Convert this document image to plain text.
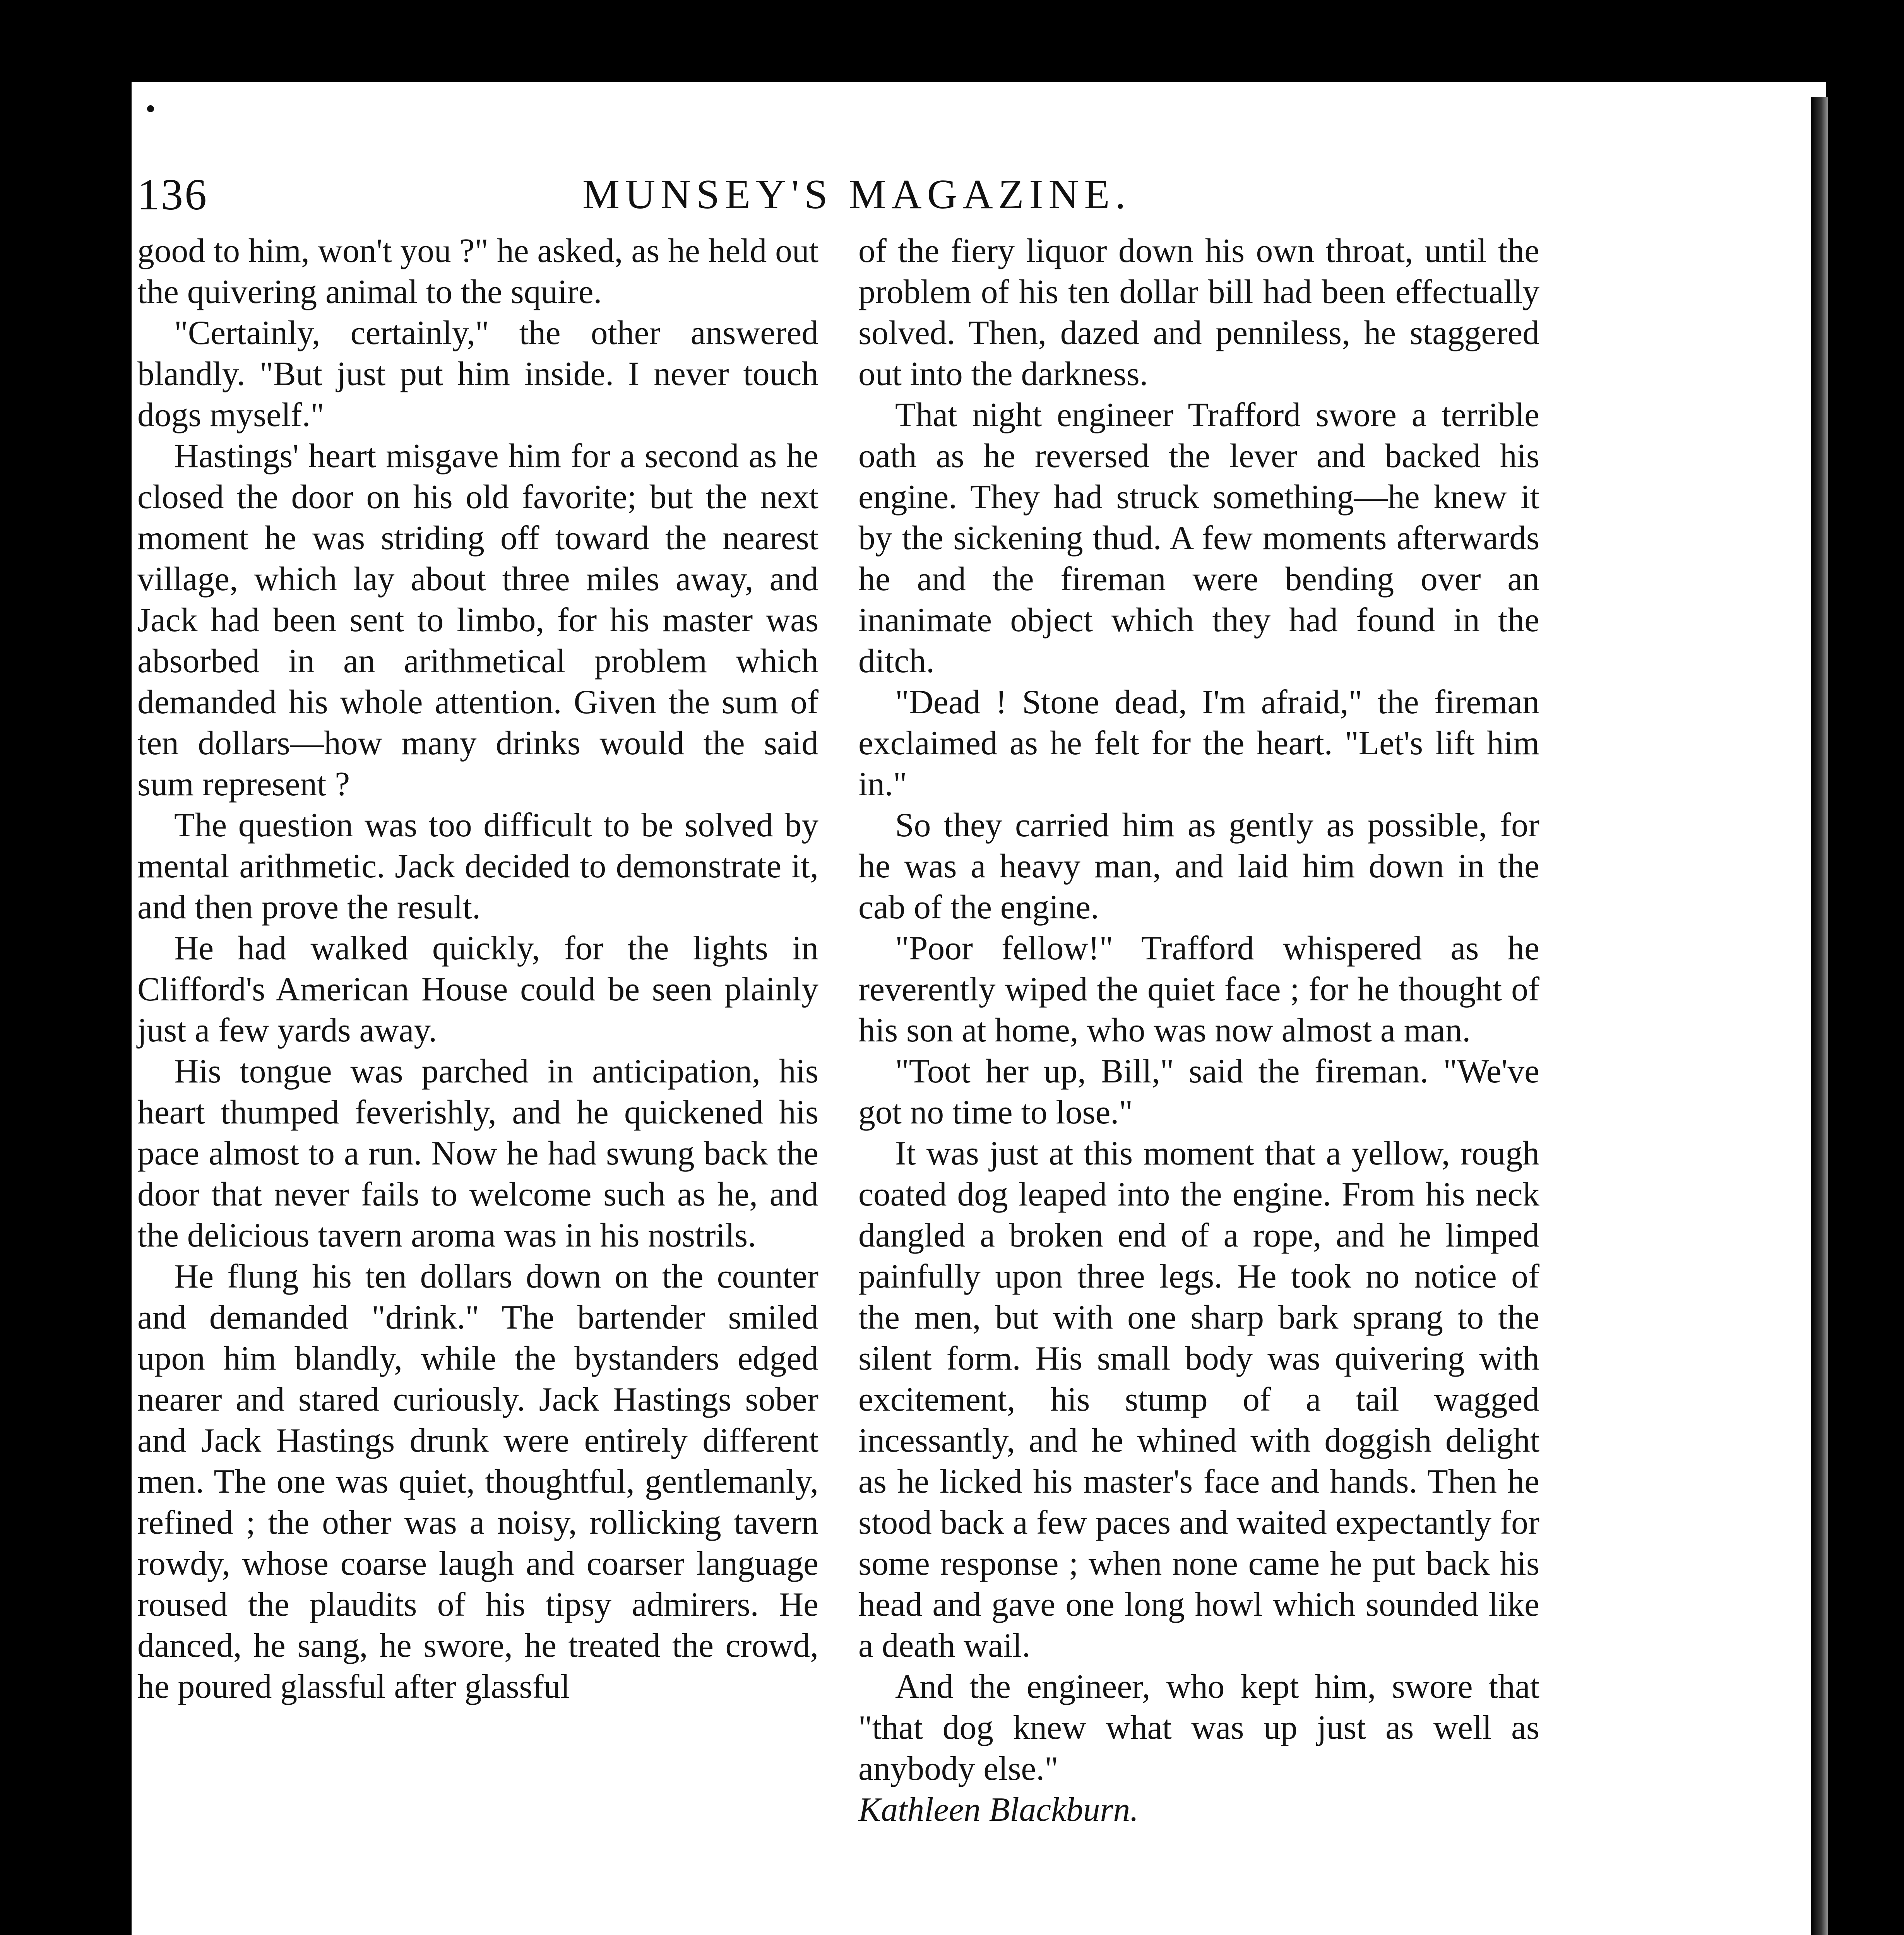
136	MUNSEY'S MAGAZINE.

good to him, won't you ?" he asked, as he held out the quivering animal to the squire.

"Certainly, certainly," the other answered blandly. "But just put him inside. I never touch dogs myself."

Hastings' heart misgave him for a second as he closed the door on his old favorite; but the next moment he was striding off toward the nearest village, which lay about three miles away, and Jack had been sent to limbo, for his master was absorbed in an arithmetical problem which demanded his whole attention. Given the sum of ten dollars—how many drinks would the said sum represent ?

The question was too difficult to be solved by mental arithmetic. Jack decided to demonstrate it, and then prove the result.

He had walked quickly, for the lights in Clifford's American House could be seen plainly just a few yards away.

His tongue was parched in anticipation, his heart thumped feverishly, and he quickened his pace almost to a run. Now he had swung back the door that never fails to welcome such as he, and the delicious tavern aroma was in his nostrils.

He flung his ten dollars down on the counter and demanded "drink." The bartender smiled upon him blandly, while the bystanders edged nearer and stared curiously. Jack Hastings sober and Jack Hastings drunk were entirely different men. The one was quiet, thoughtful, gentlemanly, refined ; the other was a noisy, rollicking tavern rowdy, whose coarse laugh and coarser language roused the plaudits of his tipsy admirers. He danced, he sang, he swore, he treated the crowd, he poured glassful after glassful

of the fiery liquor down his own throat, until the problem of his ten dollar bill had been effectually solved. Then, dazed and penniless, he staggered out into the darkness.

That night engineer Trafford swore a terrible oath as he reversed the lever and backed his engine. They had struck something—he knew it by the sickening thud. A few moments afterwards he and the fireman were bending over an inanimate object which they had found in the ditch.

"Dead ! Stone dead, I'm afraid," the fireman exclaimed as he felt for the heart. "Let's lift him in."

So they carried him as gently as possible, for he was a heavy man, and laid him down in the cab of the engine.

"Poor fellow!" Trafford whispered as he reverently wiped the quiet face ; for he thought of his son at home, who was now almost a man.

"Toot her up, Bill," said the fireman. "We've got no time to lose."

It was just at this moment that a yellow, rough coated dog leaped into the engine. From his neck dangled a broken end of a rope, and he limped painfully upon three legs. He took no notice of the men, but with one sharp bark sprang to the silent form. His small body was quivering with excitement, his stump of a tail wagged incessantly, and he whined with doggish delight as he licked his master's face and hands. Then he stood back a few paces and waited expectantly for some response ; when none came he put back his head and gave one long howl which sounded like a death wail.

And the engineer, who kept him, swore that "that dog knew what was up just as well as anybody else."

Kathleen Blackburn.
